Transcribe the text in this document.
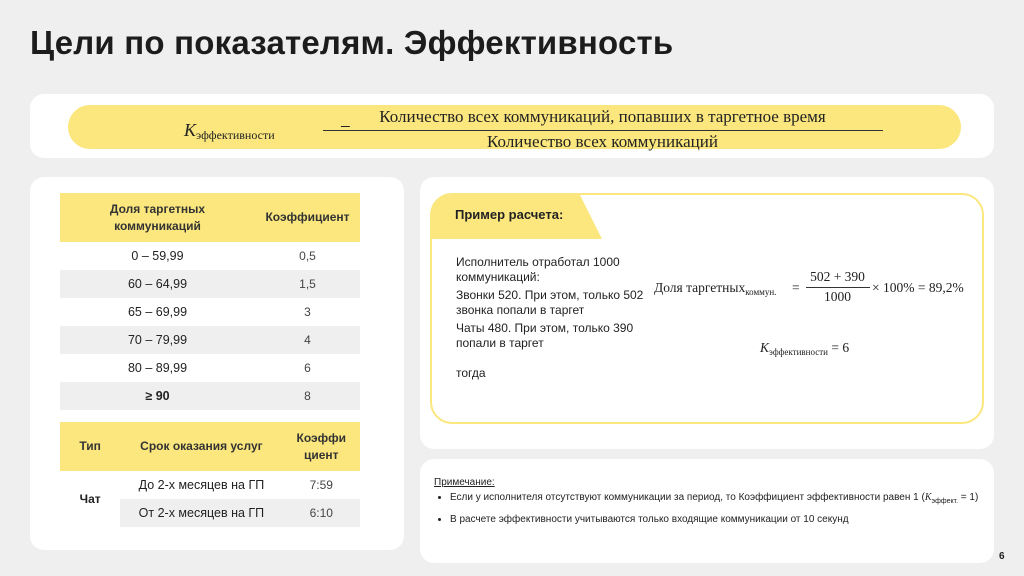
Цели по показателям. Эффективность
$K_{эффективности}$
Количество всех коммуникаций, попавших в таргетное время
Количество всех коммуникаций
Доля таргетных коммуникаций	Коэффициент
0 – 59,99	0,5
60 – 64,99	1,5
65 – 69,99	3
70 – 79,99	4
80 – 89,99	6
≥ 90	8
Тип	Срок оказания услуг	Коэффи циент
Чат	До 2-х месяцев на ГП	7:59
	От 2-х месяцев на ГП	6:10
Пример расчета:

Исполнитель отработал 1000 коммуникаций:

Звонки 520. При этом, только 502 звонка попали в таргет

Чаты 480. При этом, только 390 попали в таргет

тогда

Доля таргетных$_{коммун.}$ =
502 + 390
1000
× 100% = 89,2%
$K_{эффективности} = 6$
Примечание:
• Если у исполнителя отсутствуют коммуникации за период, то Коэффициент эффективности равен 1 $(K_{эффект.} = 1)$
• В расчете эффективности учитываются только входящие коммуникации от 10 секунд
6
